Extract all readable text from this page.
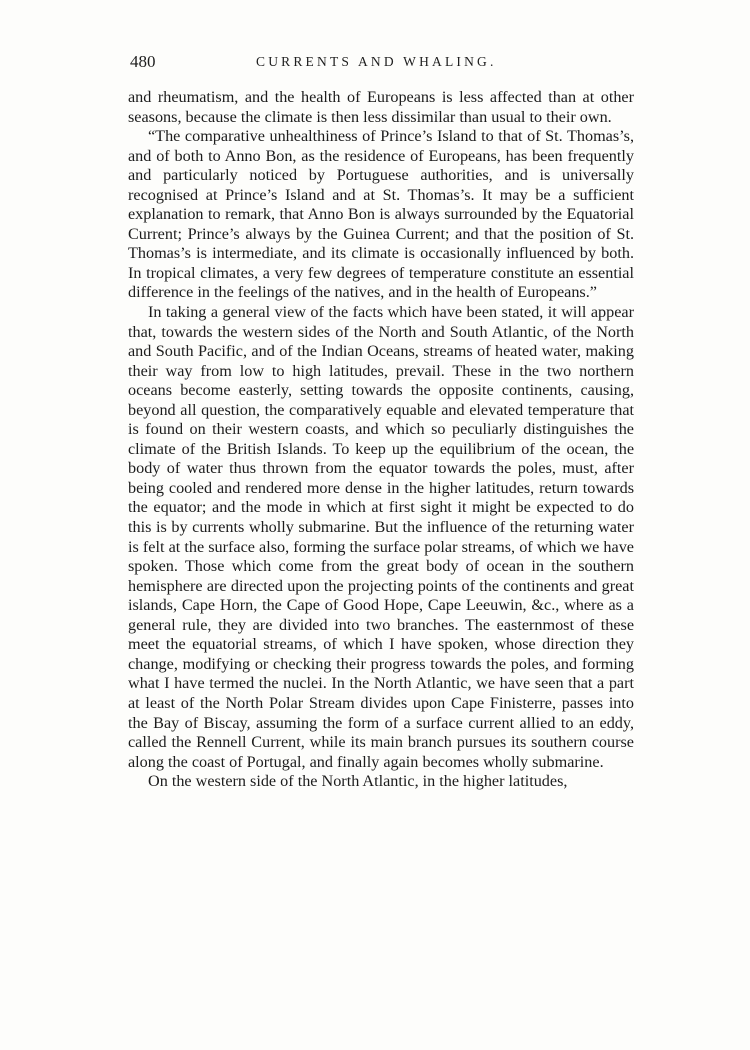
480	CURRENTS AND WHALING.

and rheumatism, and the health of Europeans is less affected than at other seasons, because the climate is then less dissimilar than usual to their own.

“The comparative unhealthiness of Prince’s Island to that of St. Thomas’s, and of both to Anno Bon, as the residence of Europeans, has been frequently and particularly noticed by Portuguese authorities, and is universally recognised at Prince’s Island and at St. Thomas’s. It may be a sufficient explanation to remark, that Anno Bon is always surrounded by the Equatorial Current; Prince’s always by the Guinea Current; and that the position of St. Thomas’s is intermediate, and its climate is occasionally influenced by both. In tropical climates, a very few degrees of temperature constitute an essential difference in the feelings of the natives, and in the health of Europeans.”

In taking a general view of the facts which have been stated, it will appear that, towards the western sides of the North and South Atlantic, of the North and South Pacific, and of the Indian Oceans, streams of heated water, making their way from low to high latitudes, prevail. These in the two northern oceans become easterly, setting towards the opposite continents, causing, beyond all question, the comparatively equable and elevated temperature that is found on their western coasts, and which so peculiarly distinguishes the climate of the British Islands. To keep up the equilibrium of the ocean, the body of water thus thrown from the equator towards the poles, must, after being cooled and rendered more dense in the higher latitudes, return towards the equator; and the mode in which at first sight it might be expected to do this is by currents wholly submarine. But the influence of the returning water is felt at the surface also, forming the surface polar streams, of which we have spoken. Those which come from the great body of ocean in the southern hemisphere are directed upon the projecting points of the continents and great islands, Cape Horn, the Cape of Good Hope, Cape Leeuwin, &c., where as a general rule, they are divided into two branches. The easternmost of these meet the equatorial streams, of which I have spoken, whose direction they change, modifying or checking their progress towards the poles, and forming what I have termed the nuclei. In the North Atlantic, we have seen that a part at least of the North Polar Stream divides upon Cape Finisterre, passes into the Bay of Biscay, assuming the form of a surface current allied to an eddy, called the Rennell Current, while its main branch pursues its southern course along the coast of Portugal, and finally again becomes wholly submarine.

On the western side of the North Atlantic, in the higher latitudes,
